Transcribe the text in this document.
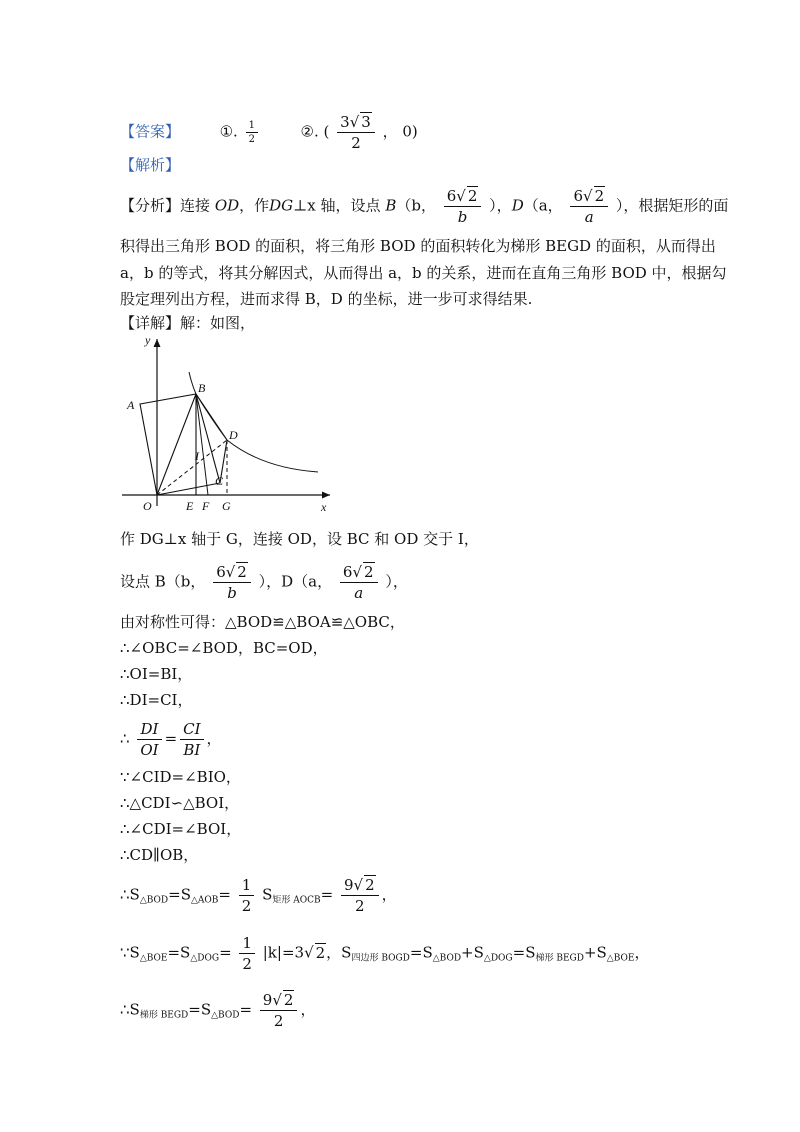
【答案】	①. $\frac{1}{2}$	②. ( $\frac{3√ 3}{2}$ ， 0)
【解析】
【分析】连接 OD，作DG⊥x 轴，设点 B（b， $\frac{6√ 2}{b}$ ），D（a， $\frac{6√ 2}{a}$ ），根据矩形的面
积得出三角形 BOD 的面积，将三角形 BOD 的面积转化为梯形 BEGD 的面积，从而得出
a，b 的等式，将其分解因式，从而得出 a，b 的关系，进而在直角三角形 BOD 中，根据勾
股定理列出方程，进而求得 B，D 的坐标，进一步可求得结果.
【详解】解：如图，
y
x
A
B
D
I
C
O	E F G
作 DG⊥x 轴于 G，连接 OD，设 BC 和 OD 交于 I，
设点 B（b， $\frac{6√ 2}{b}$ ），D（a， $\frac{6√ 2}{a}$ ），
由对称性可得：△BOD≌△BOA≌△OBC，
∴∠OBC=∠BOD，BC=OD，
∴OI=BI，
∴DI=CI，
∴ $\frac{DI}{OI} = \frac{CI}{BI}$ ，
∵∠CID=∠BIO，
∴△CDI∽△BOI，
∴∠CDI=∠BOI，
∴CD∥OB，
$\therefore S_{\triangle BOD}=S_{\triangle AOB}= \frac{1}{2} S_{矩形 AOCB}= \frac{9√ 2}{2}$ ，
$\because S_{\triangle BOE}=S_{\triangle DOG}= \frac{1}{2} |k|=3√$ 2，$S_{四边形 BOGD}=S_{\triangle BOD}+S_{\triangle DOG}=S_{梯形 BEGD}+S_{\triangle BOE}$，
$\therefore S_{梯形 BEGD}=S_{\triangle BOD}= \frac{9√ 2}{2}$ ，
